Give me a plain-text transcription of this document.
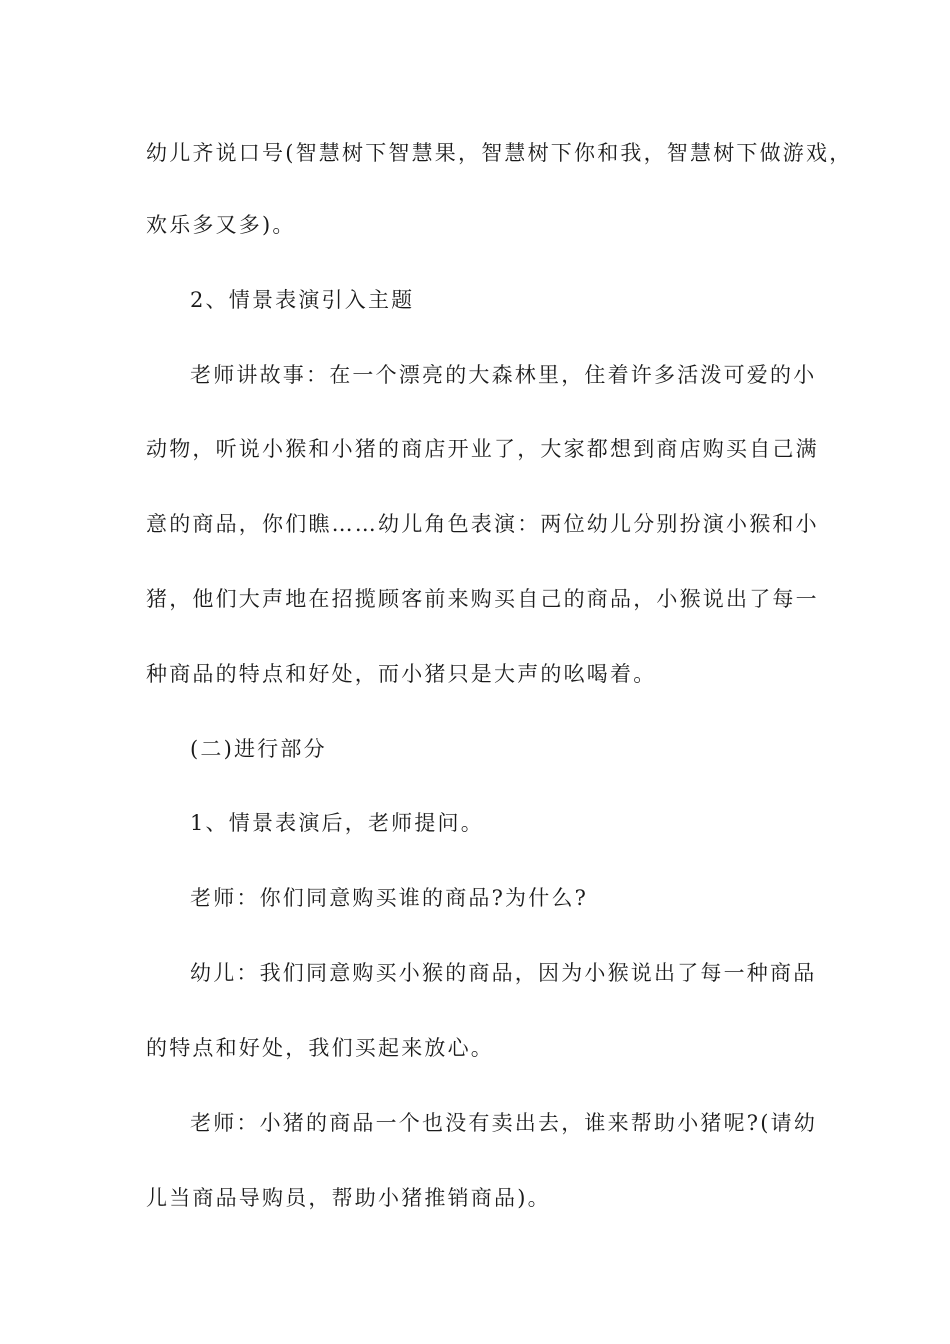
幼儿齐说口号(智慧树下智慧果，智慧树下你和我，智慧树下做游戏，
欢乐多又多)。
2、情景表演引入主题
老师讲故事：在一个漂亮的大森林里，住着许多活泼可爱的小
动物，听说小猴和小猪的商店开业了，大家都想到商店购买自己满
意的商品，你们瞧……幼儿角色表演：两位幼儿分别扮演小猴和小
猪，他们大声地在招揽顾客前来购买自己的商品，小猴说出了每一
种商品的特点和好处，而小猪只是大声的吆喝着。
(二)进行部分
1、情景表演后，老师提问。
老师：你们同意购买谁的商品?为什么?
幼儿：我们同意购买小猴的商品，因为小猴说出了每一种商品
的特点和好处，我们买起来放心。
老师：小猪的商品一个也没有卖出去，谁来帮助小猪呢?(请幼
儿当商品导购员，帮助小猪推销商品)。
